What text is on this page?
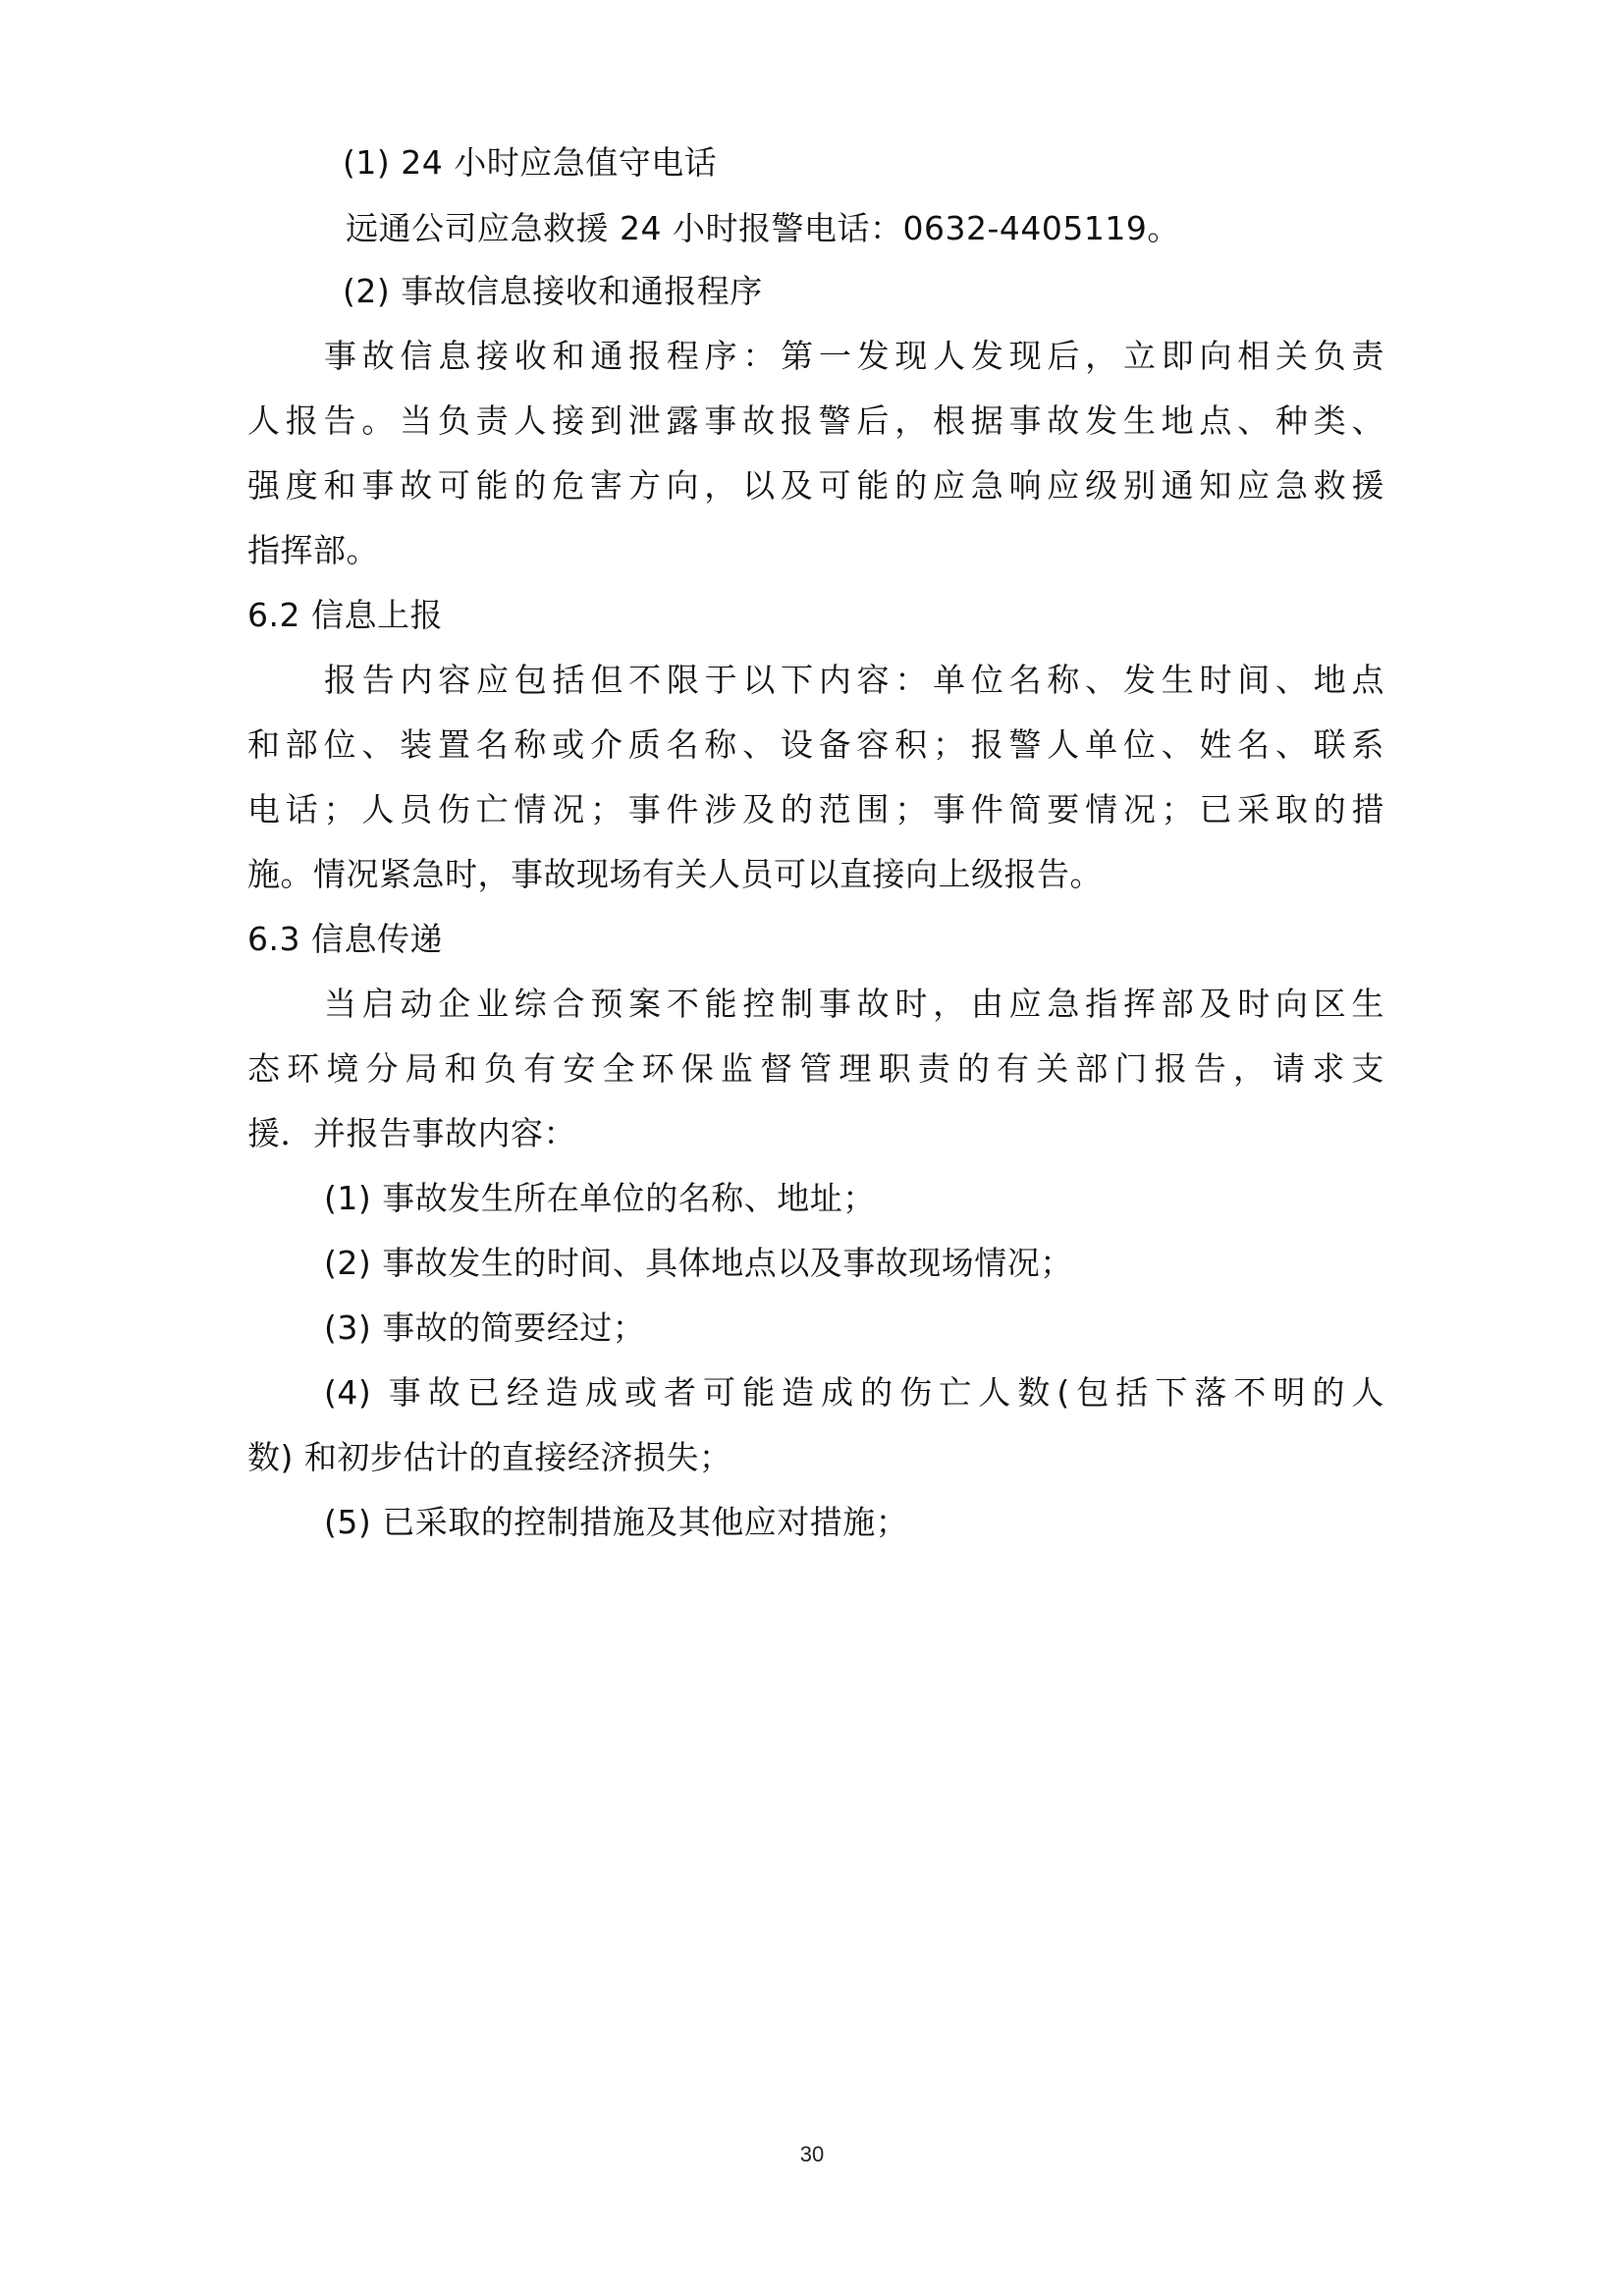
(1) 24 小时应急值守电话
远通公司应急救援 24 小时报警电话：0632-4405119。
(2) 事故信息接收和通报程序
事故信息接收和通报程序：第一发现人发现后，立即向相关负责
人报告。当负责人接到泄露事故报警后，根据事故发生地点、种类、
强度和事故可能的危害方向，以及可能的应急响应级别通知应急救援
指挥部。
6.2 信息上报
报告内容应包括但不限于以下内容：单位名称、发生时间、地点
和部位、装置名称或介质名称、设备容积；报警人单位、姓名、联系
电话；人员伤亡情况；事件涉及的范围；事件简要情况；已采取的措
施。情况紧急时，事故现场有关人员可以直接向上级报告。
6.3 信息传递
当启动企业综合预案不能控制事故时，由应急指挥部及时向区生
态环境分局和负有安全环保监督管理职责的有关部门报告，请求支
援．并报告事故内容：
(1) 事故发生所在单位的名称、地址；
(2) 事故发生的时间、具体地点以及事故现场情况；
(3) 事故的简要经过；
(4) 事故已经造成或者可能造成的伤亡人数(包括下落不明的人
数) 和初步估计的直接经济损失；
(5) 已采取的控制措施及其他应对措施；
30
